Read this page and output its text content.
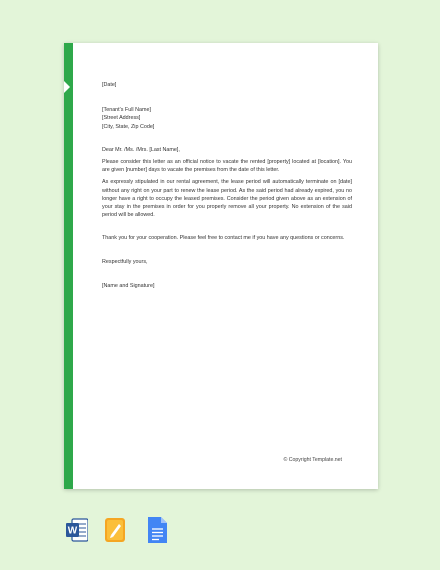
[Date]
[Tenant's Full Name]
[Street Address]
[City, State, Zip Code]
Dear Mr. /Ms. /Mrs. [Last Name],

Please consider this letter as an official notice to vacate the rented [property] located at [location]. You are given [number] days to vacate the premises from the date of this letter.

As expressly stipulated in our rental agreement, the lease period will automatically terminate on [date] without any right on your part to renew the lease period. As the said period had already expired, you no longer have a right to occupy the leased premises. Consider the period given above as an extension of your stay in the premises in order for you properly remove all your property. No extension of the said period will be allowed.

Thank you for your cooperation. Please feel free to contact me if you have any questions or concerns.

Respectfully yours,
[Name and Signature]
© Copyright Template.net
W
